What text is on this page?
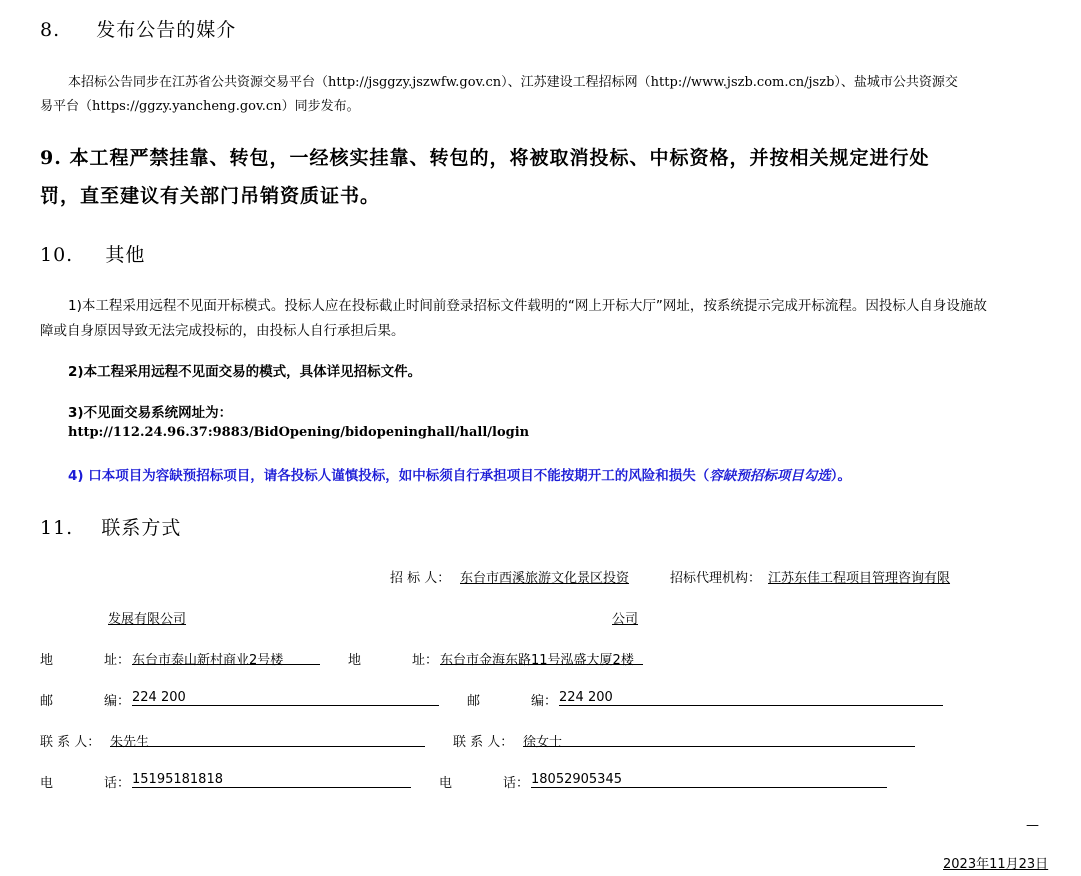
8. 发布公告的媒介
本招标公告同步在江苏省公共资源交易平台（http://jsggzy.jszwfw.gov.cn）、江苏建设工程招标网（http://www.jszb.com.cn/jszb）、盐城市公共资源交
易平台（https://ggzy.yancheng.gov.cn）同步发布。
9. 本工程严禁挂靠、转包，一经核实挂靠、转包的，将被取消投标、中标资格，并按相关规定进行处
罚，直至建议有关部门吊销资质证书。
10. 其他
1)本工程采用远程不见面开标模式。投标人应在投标截止时间前登录招标文件载明的“网上开标大厅”网址，按系统提示完成开标流程。因投标人自身设施故
障或自身原因导致无法完成投标的，由投标人自行承担后果。
2)本工程采用远程不见面交易的模式，具体详见招标文件。
3)不见面交易系统网址为：
http://112.24.96.37:9883/BidOpening/bidopeninghall/hall/login
4) 口本项目为容缺预招标项目，请各投标人谨慎投标，如中标须自行承担项目不能按期开工的风险和损失（容缺预招标项目勾选）。
11. 联系方式
招 标 人： 东台市西溪旅游文化景区投资	招标代理机构： 江苏东佳工程项目管理咨询有限
发展有限公司	公司
地	址： 东台市泰山新村商业2号楼	地	址： 东台市金海东路11号泓盛大厦2楼
邮	编： 224 200	邮	编： 224 200
联 系 人： 朱先生	联 系 人： 徐女士
电	话： 15195181818	电	话： 18052905345
—
2023年11月23日
